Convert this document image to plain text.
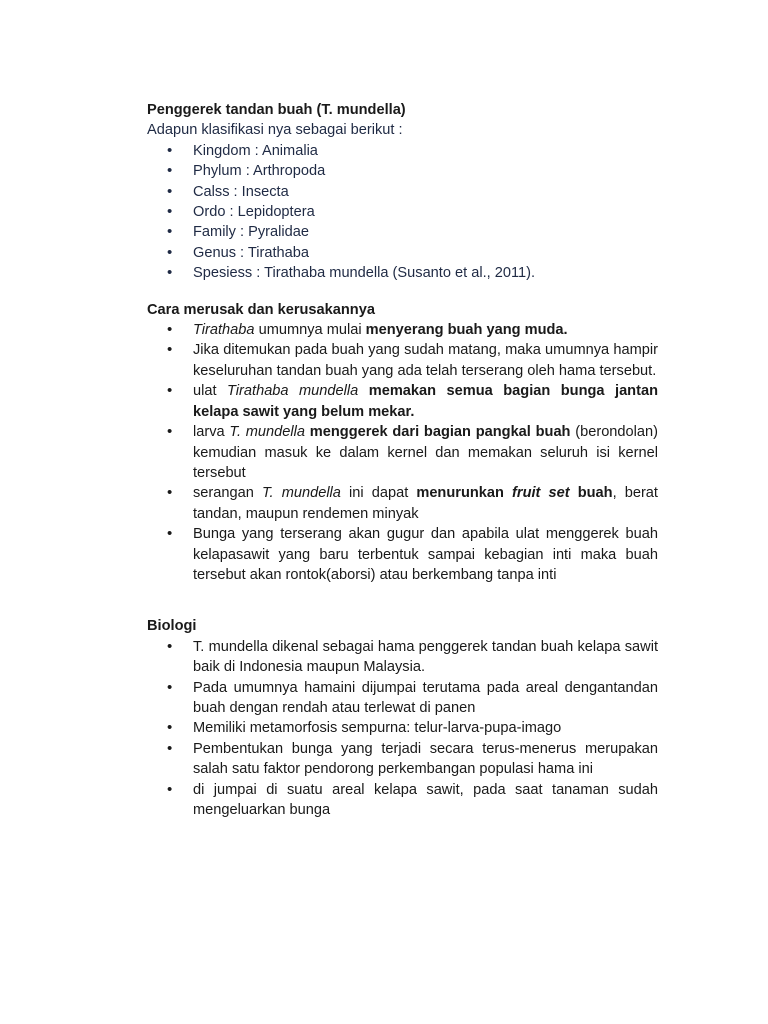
Penggerek tandan buah (T. mundella)
Adapun klasifikasi nya sebagai berikut :
• Kingdom : Animalia
• Phylum : Arthropoda
• Calss : Insecta
• Ordo : Lepidoptera
• Family : Pyralidae
• Genus : Tirathaba
• Spesiess : Tirathaba mundella (Susanto et al., 2011).
Cara merusak dan kerusakannya
• Tirathaba umumnya mulai menyerang buah yang muda.
• Jika ditemukan pada buah yang sudah matang, maka umumnya hampir keseluruhan tandan buah yang ada telah terserang oleh hama tersebut.
• ulat Tirathaba mundella memakan semua bagian bunga jantan kelapa sawit yang belum mekar.
• larva T. mundella menggerek dari bagian pangkal buah (berondolan) kemudian masuk ke dalam kernel dan memakan seluruh isi kernel tersebut
• serangan T. mundella ini dapat menurunkan fruit set buah, berat tandan, maupun rendemen minyak
• Bunga yang terserang akan gugur dan apabila ulat menggerek buah kelapasawit yang baru terbentuk sampai kebagian inti maka buah tersebut akan rontok(aborsi) atau berkembang tanpa inti
Biologi
• T. mundella dikenal sebagai hama penggerek tandan buah kelapa sawit baik di Indonesia maupun Malaysia.
• Pada umumnya hamaini dijumpai terutama pada areal dengantandan buah dengan rendah atau terlewat di panen
• Memiliki metamorfosis sempurna: telur-larva-pupa-imago
• Pembentukan bunga yang terjadi secara terus-menerus merupakan salah satu faktor pendorong perkembangan populasi hama ini
• di jumpai di suatu areal kelapa sawit, pada saat tanaman sudah mengeluarkan bunga
